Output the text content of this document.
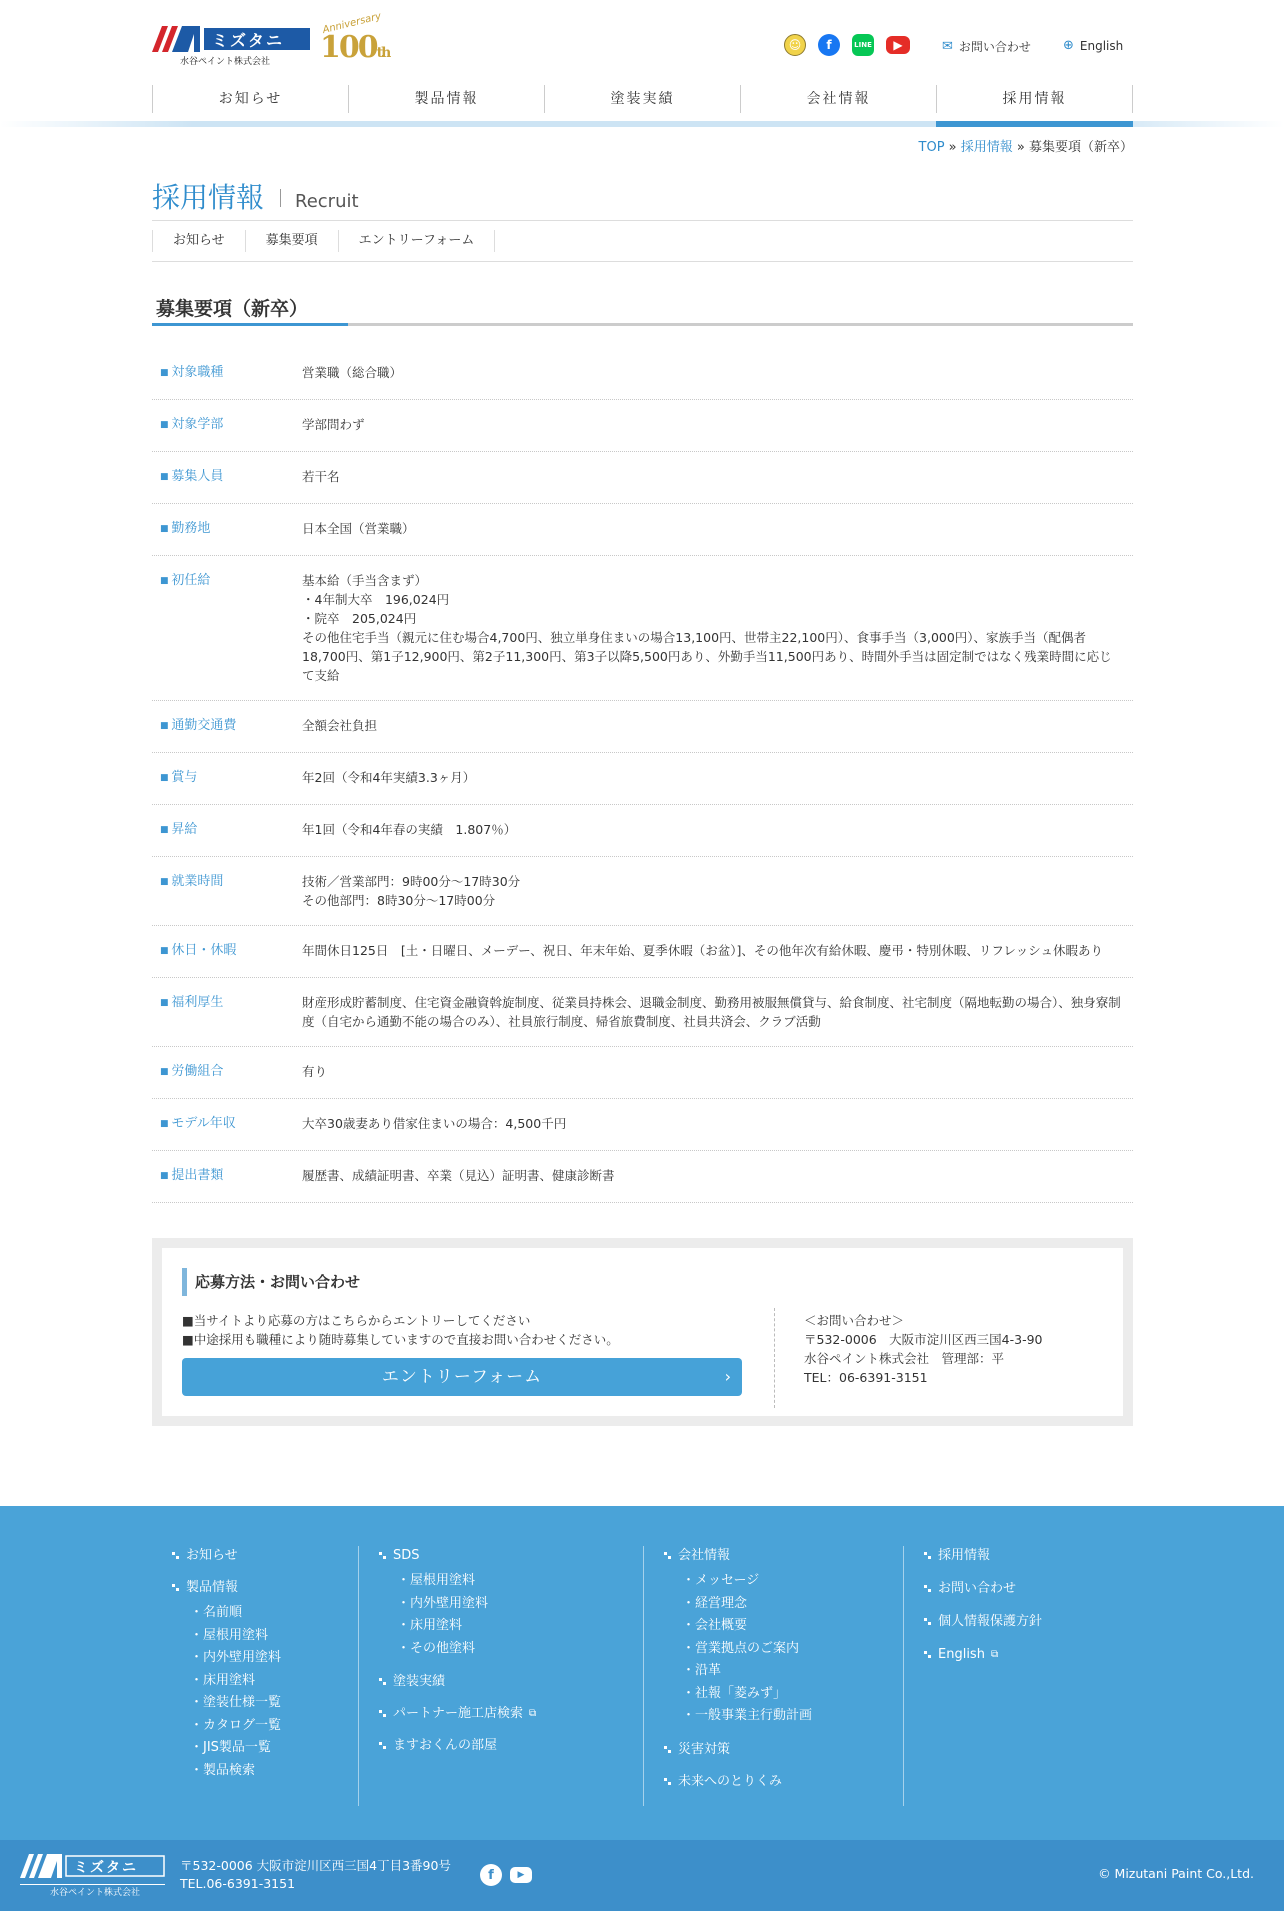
ミズタニ
水谷ペイント株式会社
Anniversary
100th	☺	f	LINE	▶	✉ お問い合わせ ⊕ English
お知らせ	製品情報	塗装実績	会社情報	採用情報
TOP » 採用情報 » 募集要項（新卒）
採用情報 Recruit
お知らせ	募集要項	エントリーフォーム
募集要項（新卒）
■ 対象職種	営業職（総合職）
■ 対象学部	学部問わず
■ 募集人員	若干名
■ 勤務地	日本全国（営業職）
■ 初任給	基本給（手当含まず）
・4年制大卒　196,024円
・院卒　205,024円
その他住宅手当（親元に住む場合4,700円、独立単身住まいの場合13,100円、世帯主22,100円）、食事手当（3,000円）、家族手当（配偶者18,700円、第1子12,900円、第2子11,300円、第3子以降5,500円あり、外勤手当11,500円あり、時間外手当は固定制ではなく残業時間に応じて支給
■ 通勤交通費	全額会社負担
■ 賞与	年2回（令和4年実績3.3ヶ月）
■ 昇給	年1回（令和4年春の実績　1.807％）
■ 就業時間	技術／営業部門：9時00分～17時30分
その他部門：8時30分～17時00分
■ 休日・休暇	年間休日125日　[土・日曜日、メーデー、祝日、年末年始、夏季休暇（お盆）]、その他年次有給休暇、慶弔・特別休暇、リフレッシュ休暇あり
■ 福利厚生	財産形成貯蓄制度、住宅資金融資斡旋制度、従業員持株会、退職金制度、勤務用被服無償貸与、給食制度、社宅制度（隔地転勤の場合）、独身寮制度（自宅から通勤不能の場合のみ）、社員旅行制度、帰省旅費制度、社員共済会、クラブ活動
■ 労働組合	有り
■ モデル年収	大卒30歳妻あり借家住まいの場合：4,500千円
■ 提出書類	履歴書、成績証明書、卒業（見込）証明書、健康診断書
応募方法・お問い合わせ
■当サイトより応募の方はこちらからエントリーしてください
■中途採用も職種により随時募集していますので直接お問い合わせください。
エントリーフォーム	›
＜お問い合わせ＞
〒532-0006　大阪市淀川区西三国4-3-90
水谷ペイント株式会社　管理部：平
TEL：06-6391-3151
お知らせ
製品情報
・名前順
・屋根用塗料
・内外壁用塗料
・床用塗料
・塗装仕様一覧
・カタログ一覧
・JIS製品一覧
・製品検索
SDS
・屋根用塗料
・内外壁用塗料
・床用塗料
・その他塗料
塗装実績
パートナー施工店検索 ⧉
ますおくんの部屋
会社情報
・メッセージ
・経営理念
・会社概要
・営業拠点のご案内
・沿革
・社報「菱みず」
・一般事業主行動計画
災害対策
未来へのとりくみ
採用情報
お問い合わせ
個人情報保護方針
English ⧉
ミズタニ
水谷ペイント株式会社
〒532-0006 大阪市淀川区西三国4丁目3番90号
TEL.06-6391-3151
f	▶	© Mizutani Paint Co.,Ltd.
